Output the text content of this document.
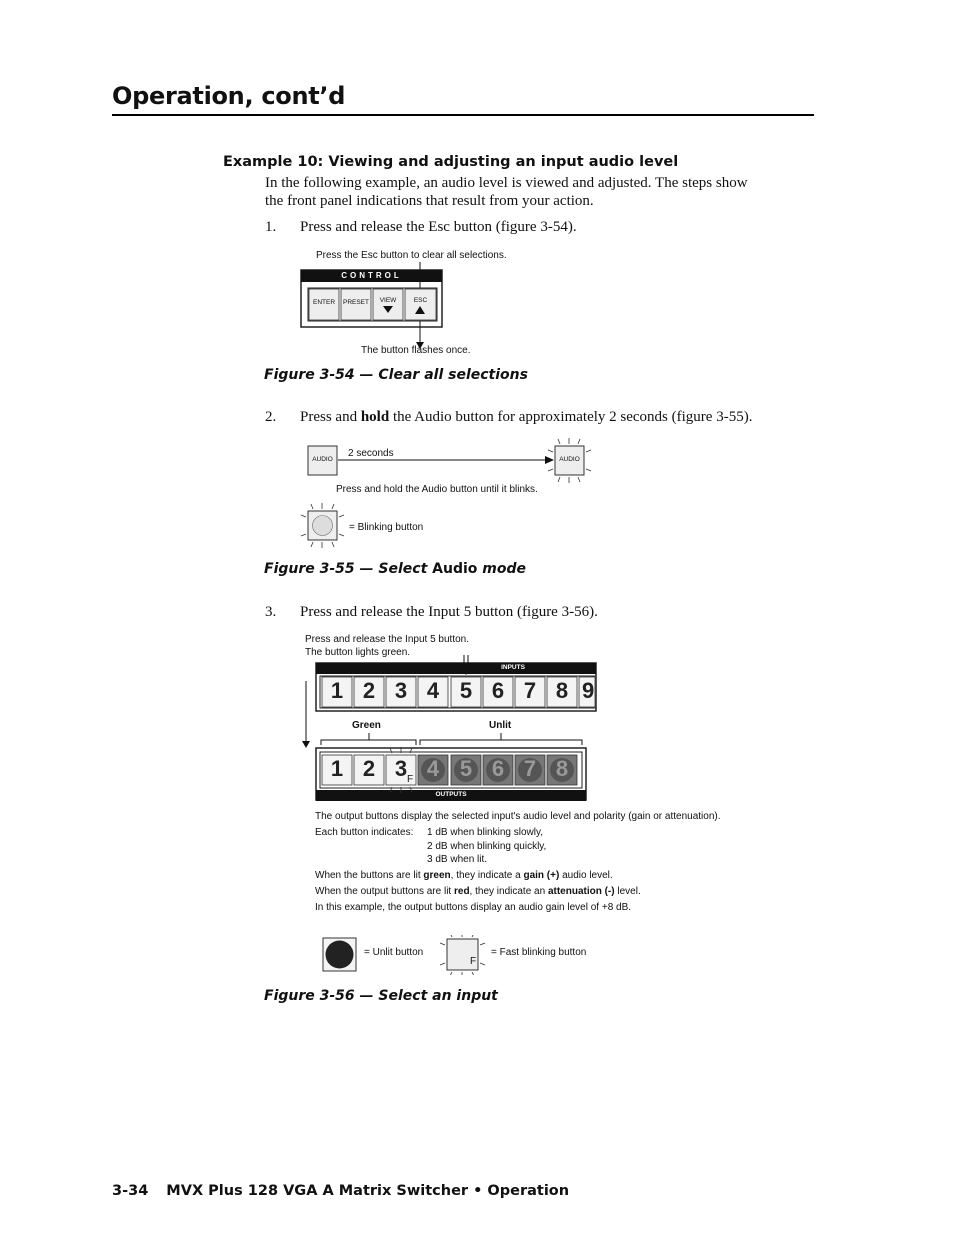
Operation, cont’d
Example 10: Viewing and adjusting an input audio level
In the following example, an audio level is viewed and adjusted. The steps show
the front panel indications that result from your action.
1. Press and release the Esc button (figure 3-54).
Press the Esc button to clear all selections.
CONTROL
ENTER	PRESET	VIEW	ESC
The button flashes once.
Figure 3-54 — Clear all selections
2. Press and hold the Audio button for approximately 2 seconds (figure 3-55).
AUDIO	AUDIO
2 seconds
Press and hold the Audio button until it blinks.
= Blinking button
Figure 3-55 — Select Audio mode
3. Press and release the Input 5 button (figure 3-56).
Press and release the Input 5 button.
The button lights green.
INPUTS
1 2 3 4 5 6 7 8 9
Green	Unlit
1 2 3 4 5 6 7 8
F
OUTPUTS
The output buttons display the selected input's audio level and polarity (gain or attenuation).
Each button indicates: 1 dB when blinking slowly,
2 dB when blinking quickly,
3 dB when lit.
When the buttons are lit green, they indicate a gain (+) audio level.
When the output buttons are lit red, they indicate an attenuation (-) level.
In this example, the output buttons display an audio gain level of +8 dB.
= Unlit button
F
= Fast blinking button
Figure 3-56 — Select an input
3-34 MVX Plus 128 VGA A Matrix Switcher • Operation
